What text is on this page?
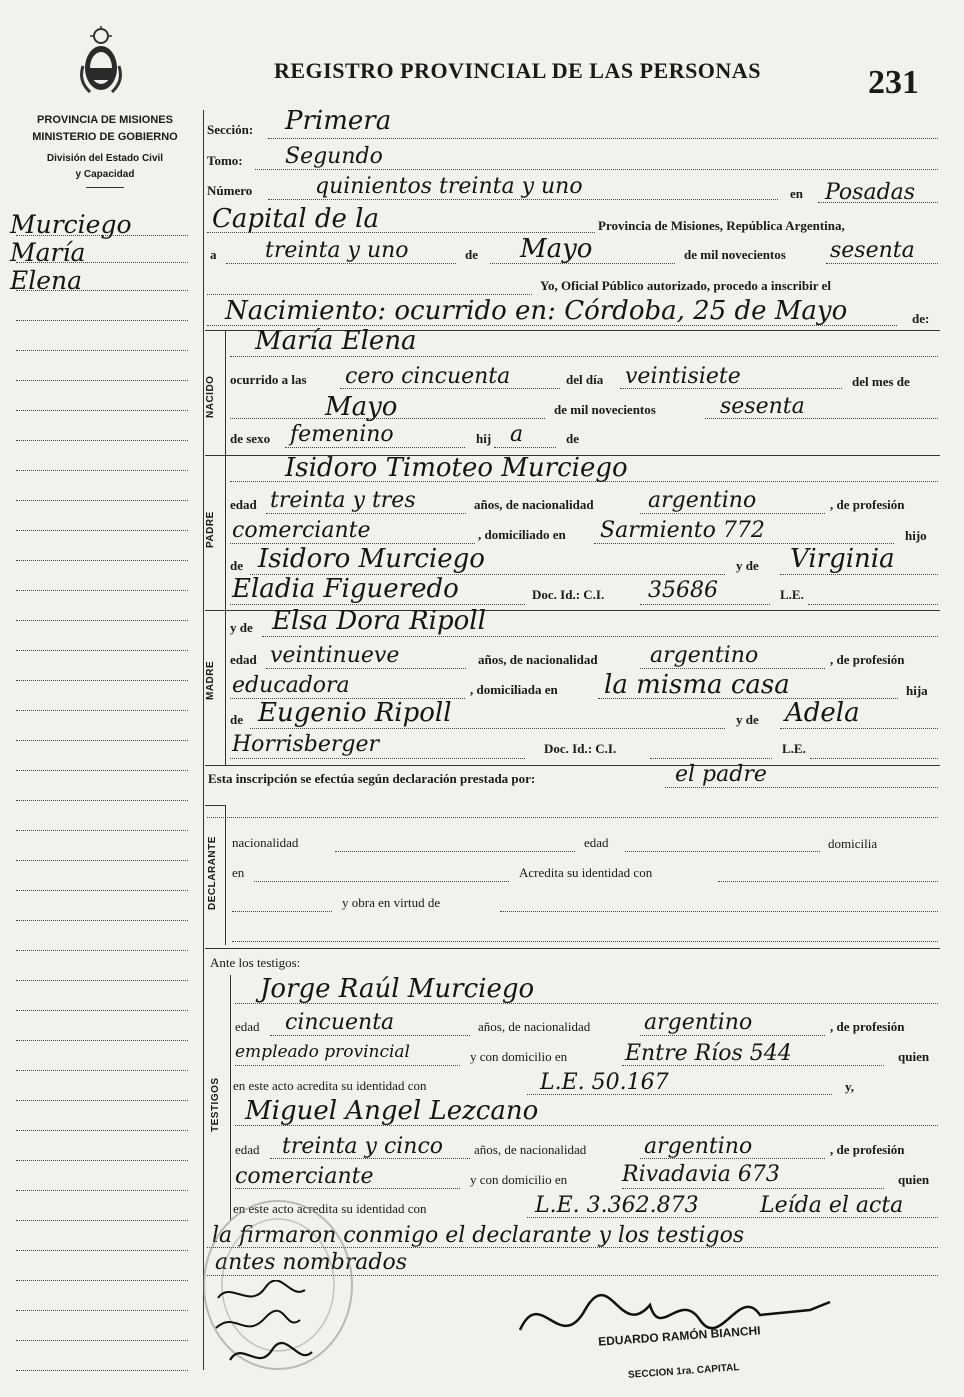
PROVINCIA DE MISIONES
MINISTERIO DE GOBIERNO
División del Estado Civil
y Capacidad
REGISTRO PROVINCIAL DE LAS PERSONAS	231
Murciego
María
Elena
Sección: Primera
Tomo: Segundo
Número	quinientos treinta y uno	en Posadas
Capital de la	Provincia de Misiones, República Argentina,
a treinta y uno	de Mayo	de mil novecientos sesenta
Yo, Oficial Público autorizado, procedo a inscribir el
Nacimiento: ocurrido en: Córdoba, 25 de Mayo	de:
NACIDO
María Elena
ocurrido a las cero cincuenta	del día veintisiete	del mes de
Mayo	de mil novecientos	sesenta
de sexo femenino	hij a	de
PADRE
Isidoro Timoteo Murciego
edad treinta y tres	años, de nacionalidad argentino	, de profesión
comerciante	, domiciliado en Sarmiento 772	hijo
de Isidoro Murciego	y de Virginia
Eladia Figueredo	Doc. Id.: C.I. 35686	L.E.
MADRE
y de Elsa Dora Ripoll
edad veintinueve	años, de nacionalidad argentino	, de profesión
educadora	, domiciliada en la misma casa	hija
de Eugenio Ripoll	y de Adela
Horrisberger	Doc. Id.: C.I.	L.E.
Esta inscripción se efectúa según declaración prestada por:	el padre
DECLARANTE nacionalidad	edad	domicilia
en	Acredita su identidad con
y obra en virtud de
Ante los testigos:
TESTIGOS
Jorge Raúl Murciego
edad cincuenta	años, de nacionalidad argentino	, de profesión
empleado provincial	y con domicilio en	Entre Ríos 544	quien
en este acto acredita su identidad con	L.E. 50.167	y,
Miguel Angel Lezcano
edad treinta y cinco años, de nacionalidad	argentino	, de profesión
comerciante	y con domicilio en Rivadavia 673	quien
en este acto acredita su identidad con	L.E. 3.362.873	Leída el acta
la firmaron conmigo el declarante y los testigos
antes nombrados
EDUARDO RAMÓN BIANCHI
SECCION 1ra. CAPITAL
